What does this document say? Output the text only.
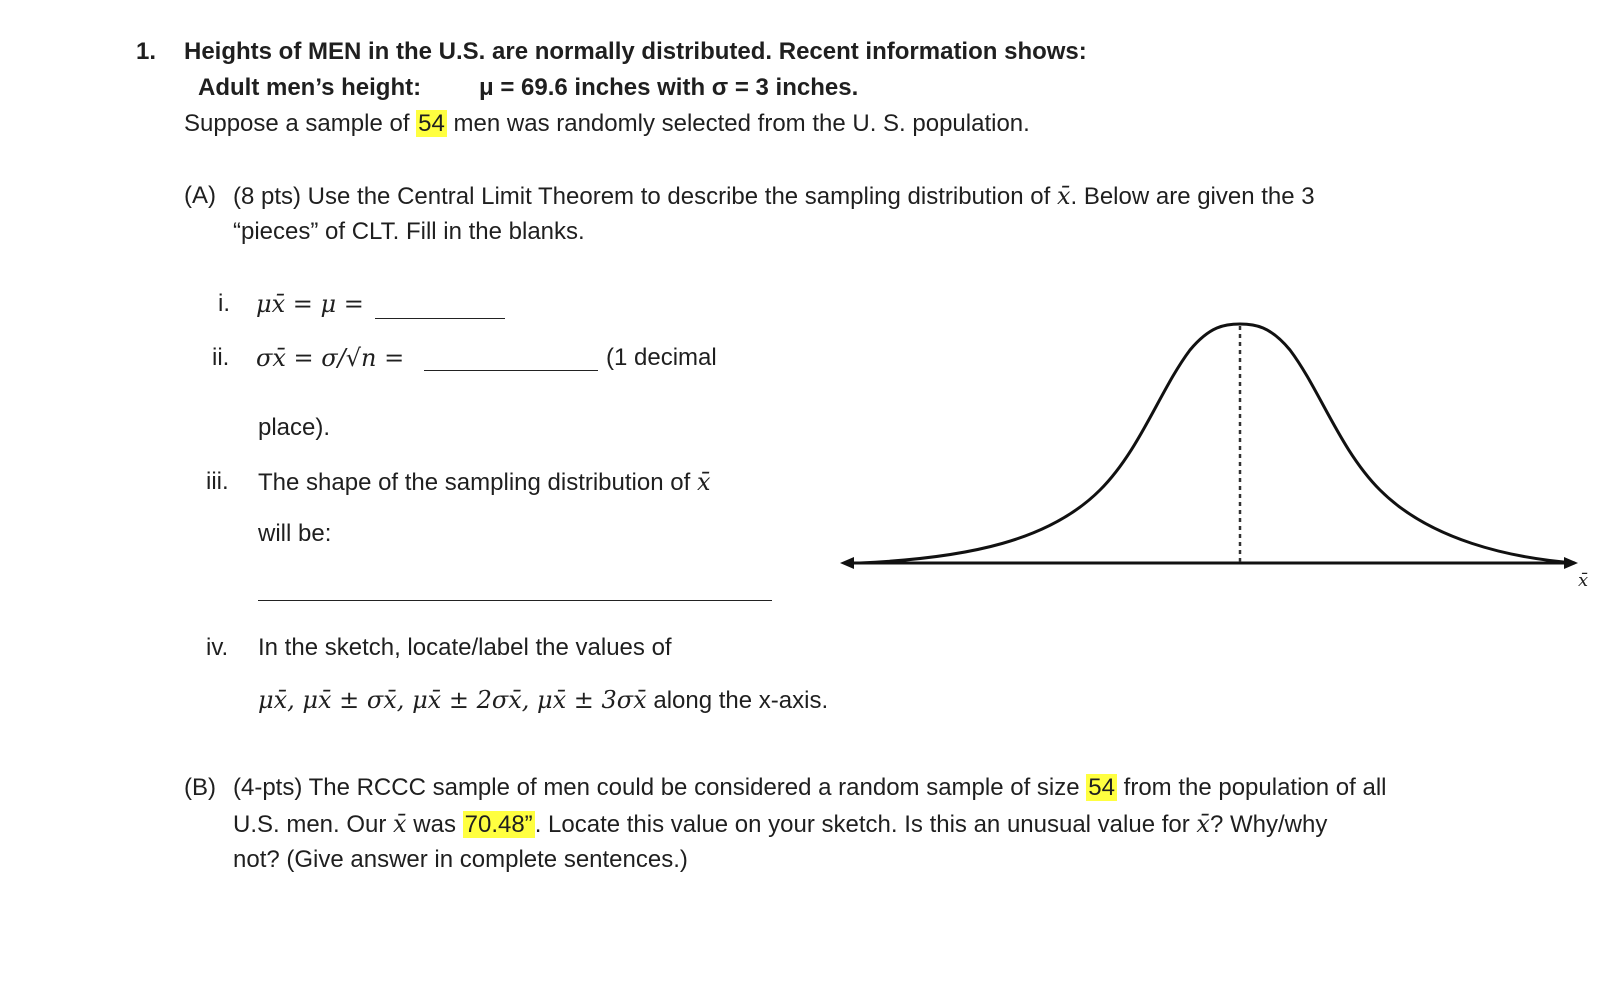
1. Heights of MEN in the U.S. are normally distributed. Recent information shows:
Adult men’s height: μ = 69.6 inches with σ = 3 inches.
Suppose a sample of 54 men was randomly selected from the U. S. population.
(A) (8 pts) Use the Central Limit Theorem to describe the sampling distribution of x̄. Below are given the 3
“pieces” of CLT. Fill in the blanks.
i. μx̄ = μ =
ii. σx̄ = σ/√n =	(1 decimal
place).
iii. The shape of the sampling distribution of x̄
will be:
iv. In the sketch, locate/label the values of
μx̄, μx̄ ± σx̄, μx̄ ± 2σx̄, μx̄ ± 3σx̄ along the x-axis.
x̄
(B) (4-pts) The RCCC sample of men could be considered a random sample of size 54 from the population of all
U.S. men. Our x̄ was 70.48”. Locate this value on your sketch. Is this an unusual value for x̄? Why/why
not? (Give answer in complete sentences.)
